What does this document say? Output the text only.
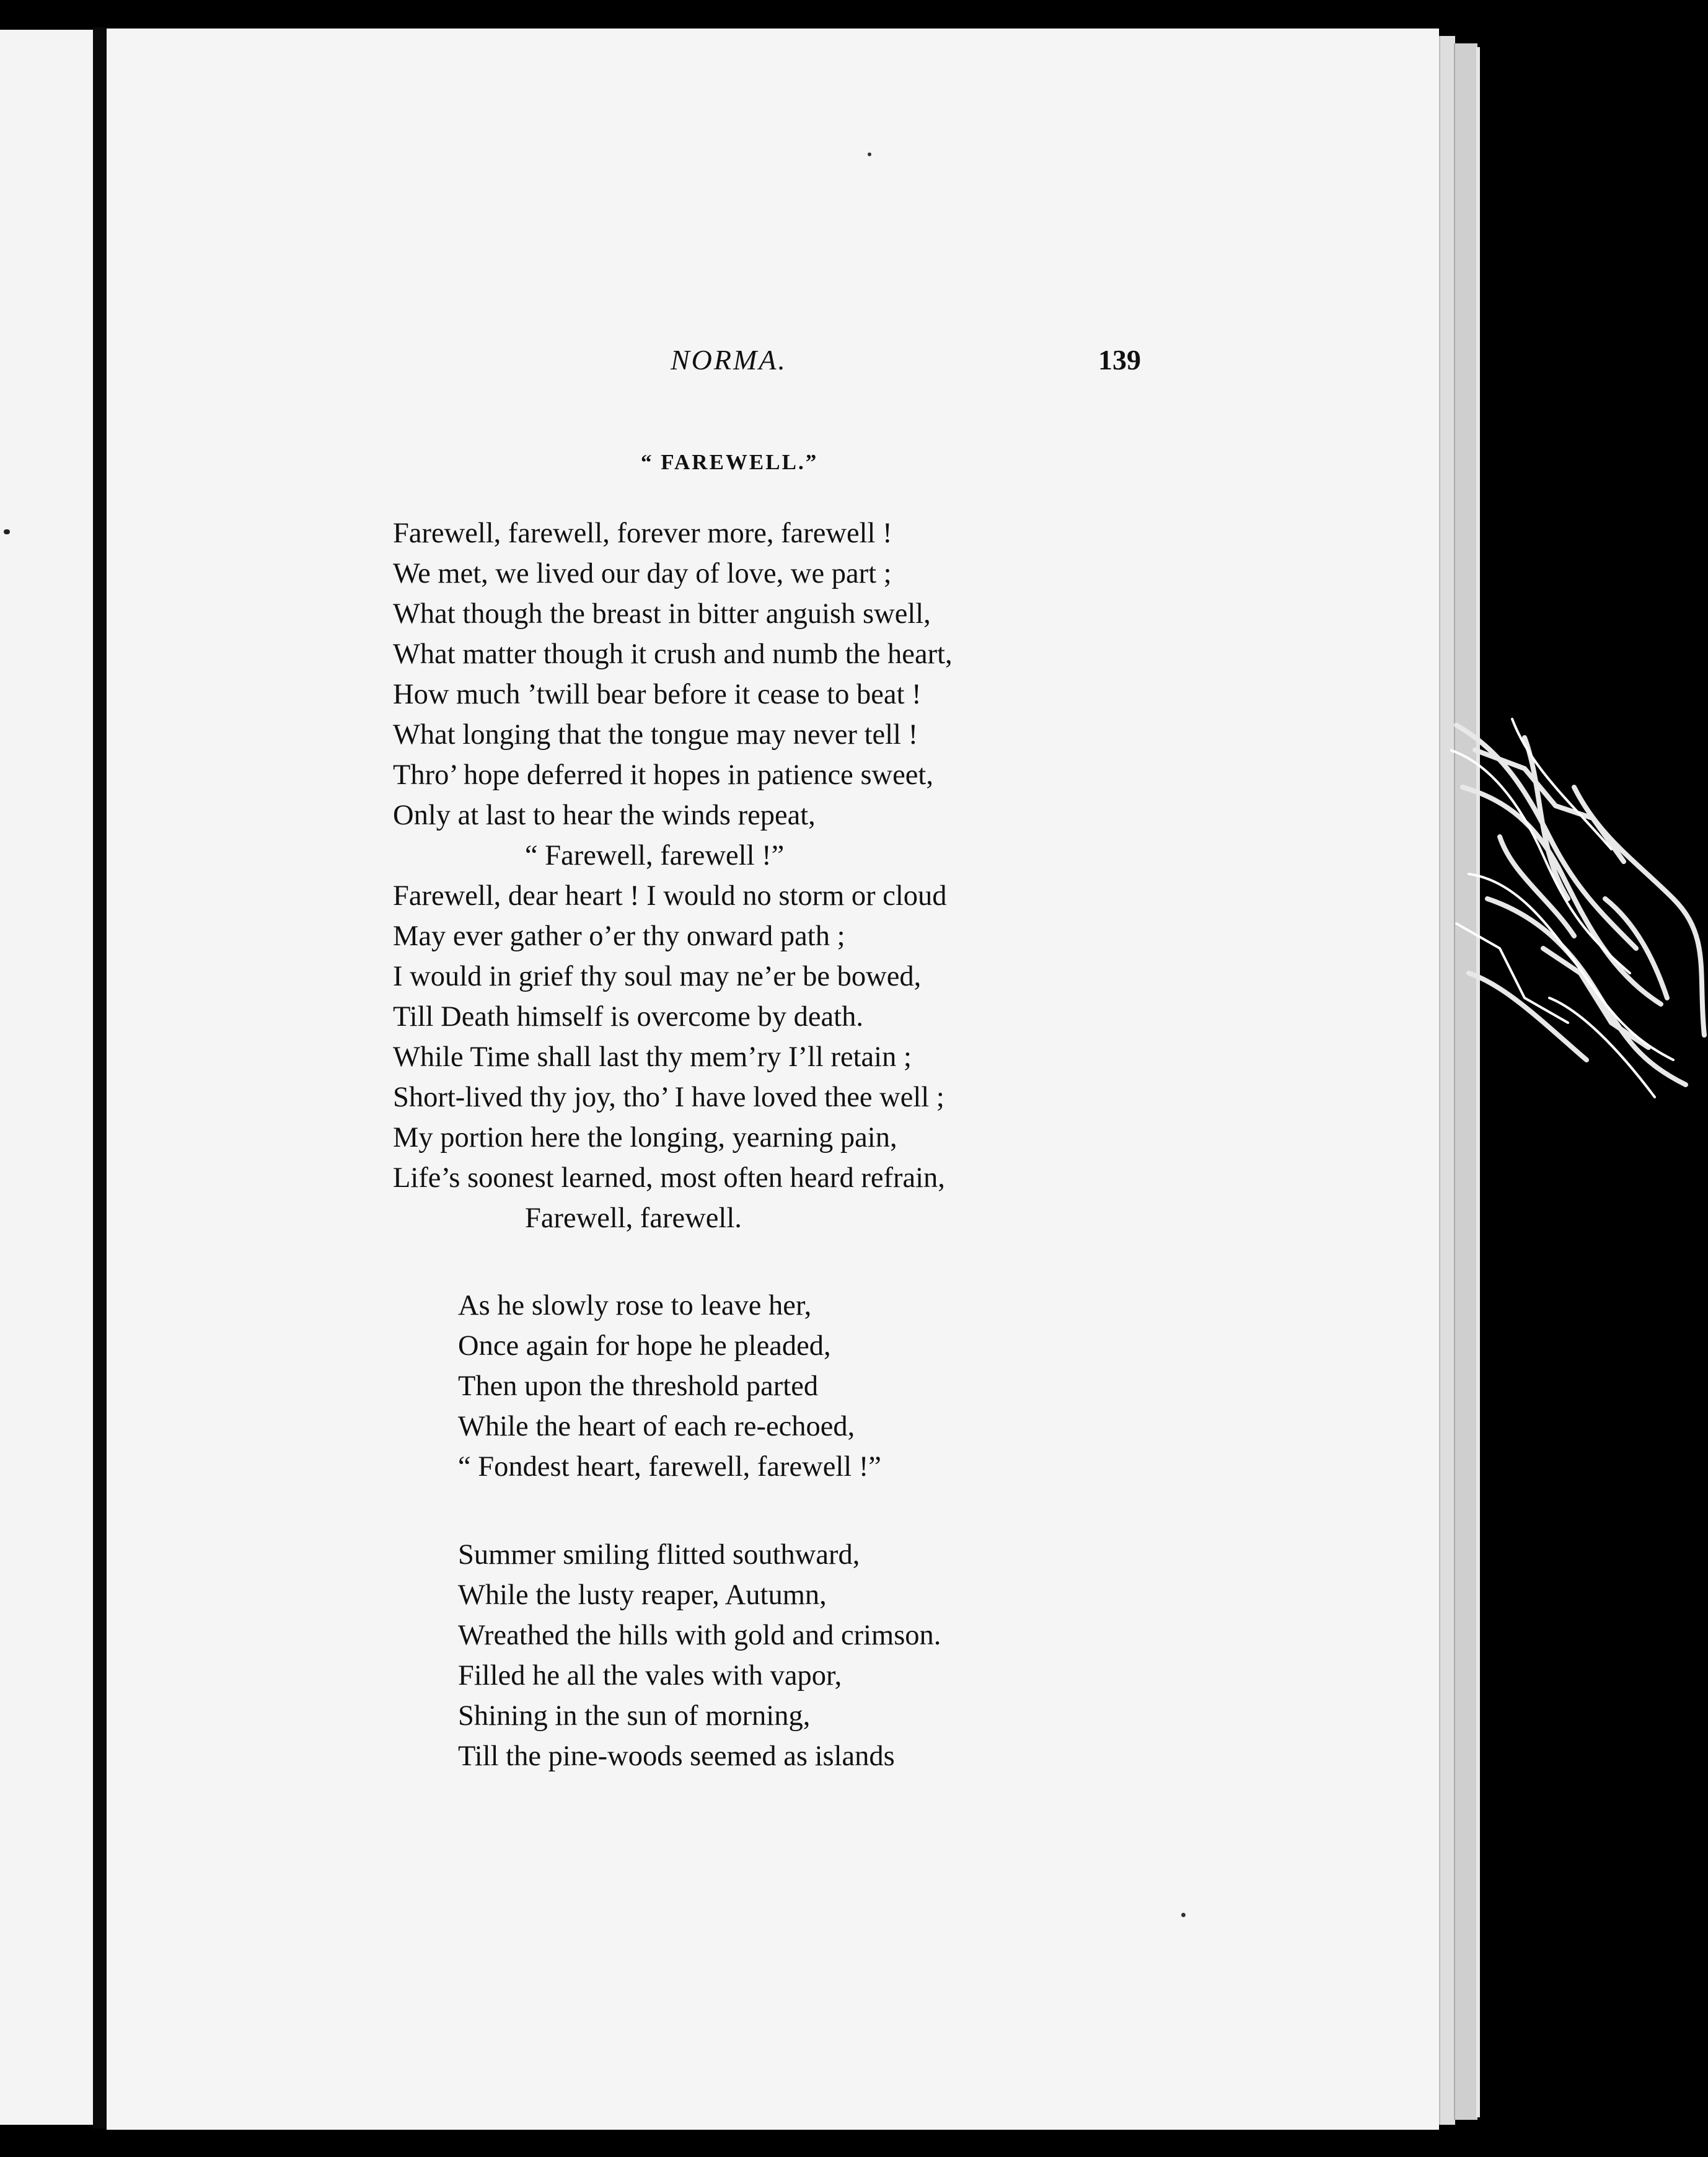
NORMA.	139
“ FAREWELL.”
Farewell, farewell, forever more, farewell !
We met, we lived our day of love, we part ;
What though the breast in bitter anguish swell,
What matter though it crush and numb the heart,
How much ’twill bear before it cease to beat !
What longing that the tongue may never tell !
Thro’ hope deferred it hopes in patience sweet,
Only at last to hear the winds repeat,
“ Farewell, farewell !”
Farewell, dear heart ! I would no storm or cloud
May ever gather o’er thy onward path ;
I would in grief thy soul may ne’er be bowed,
Till Death himself is overcome by death.
While Time shall last thy mem’ry I’ll retain ;
Short-lived thy joy, tho’ I have loved thee well ;
My portion here the longing, yearning pain,
Life’s soonest learned, most often heard refrain,
Farewell, farewell.
As he slowly rose to leave her,
Once again for hope he pleaded,
Then upon the threshold parted
While the heart of each re-echoed,
“ Fondest heart, farewell, farewell !”
Summer smiling flitted southward,
While the lusty reaper, Autumn,
Wreathed the hills with gold and crimson.
Filled he all the vales with vapor,
Shining in the sun of morning,
Till the pine-woods seemed as islands
